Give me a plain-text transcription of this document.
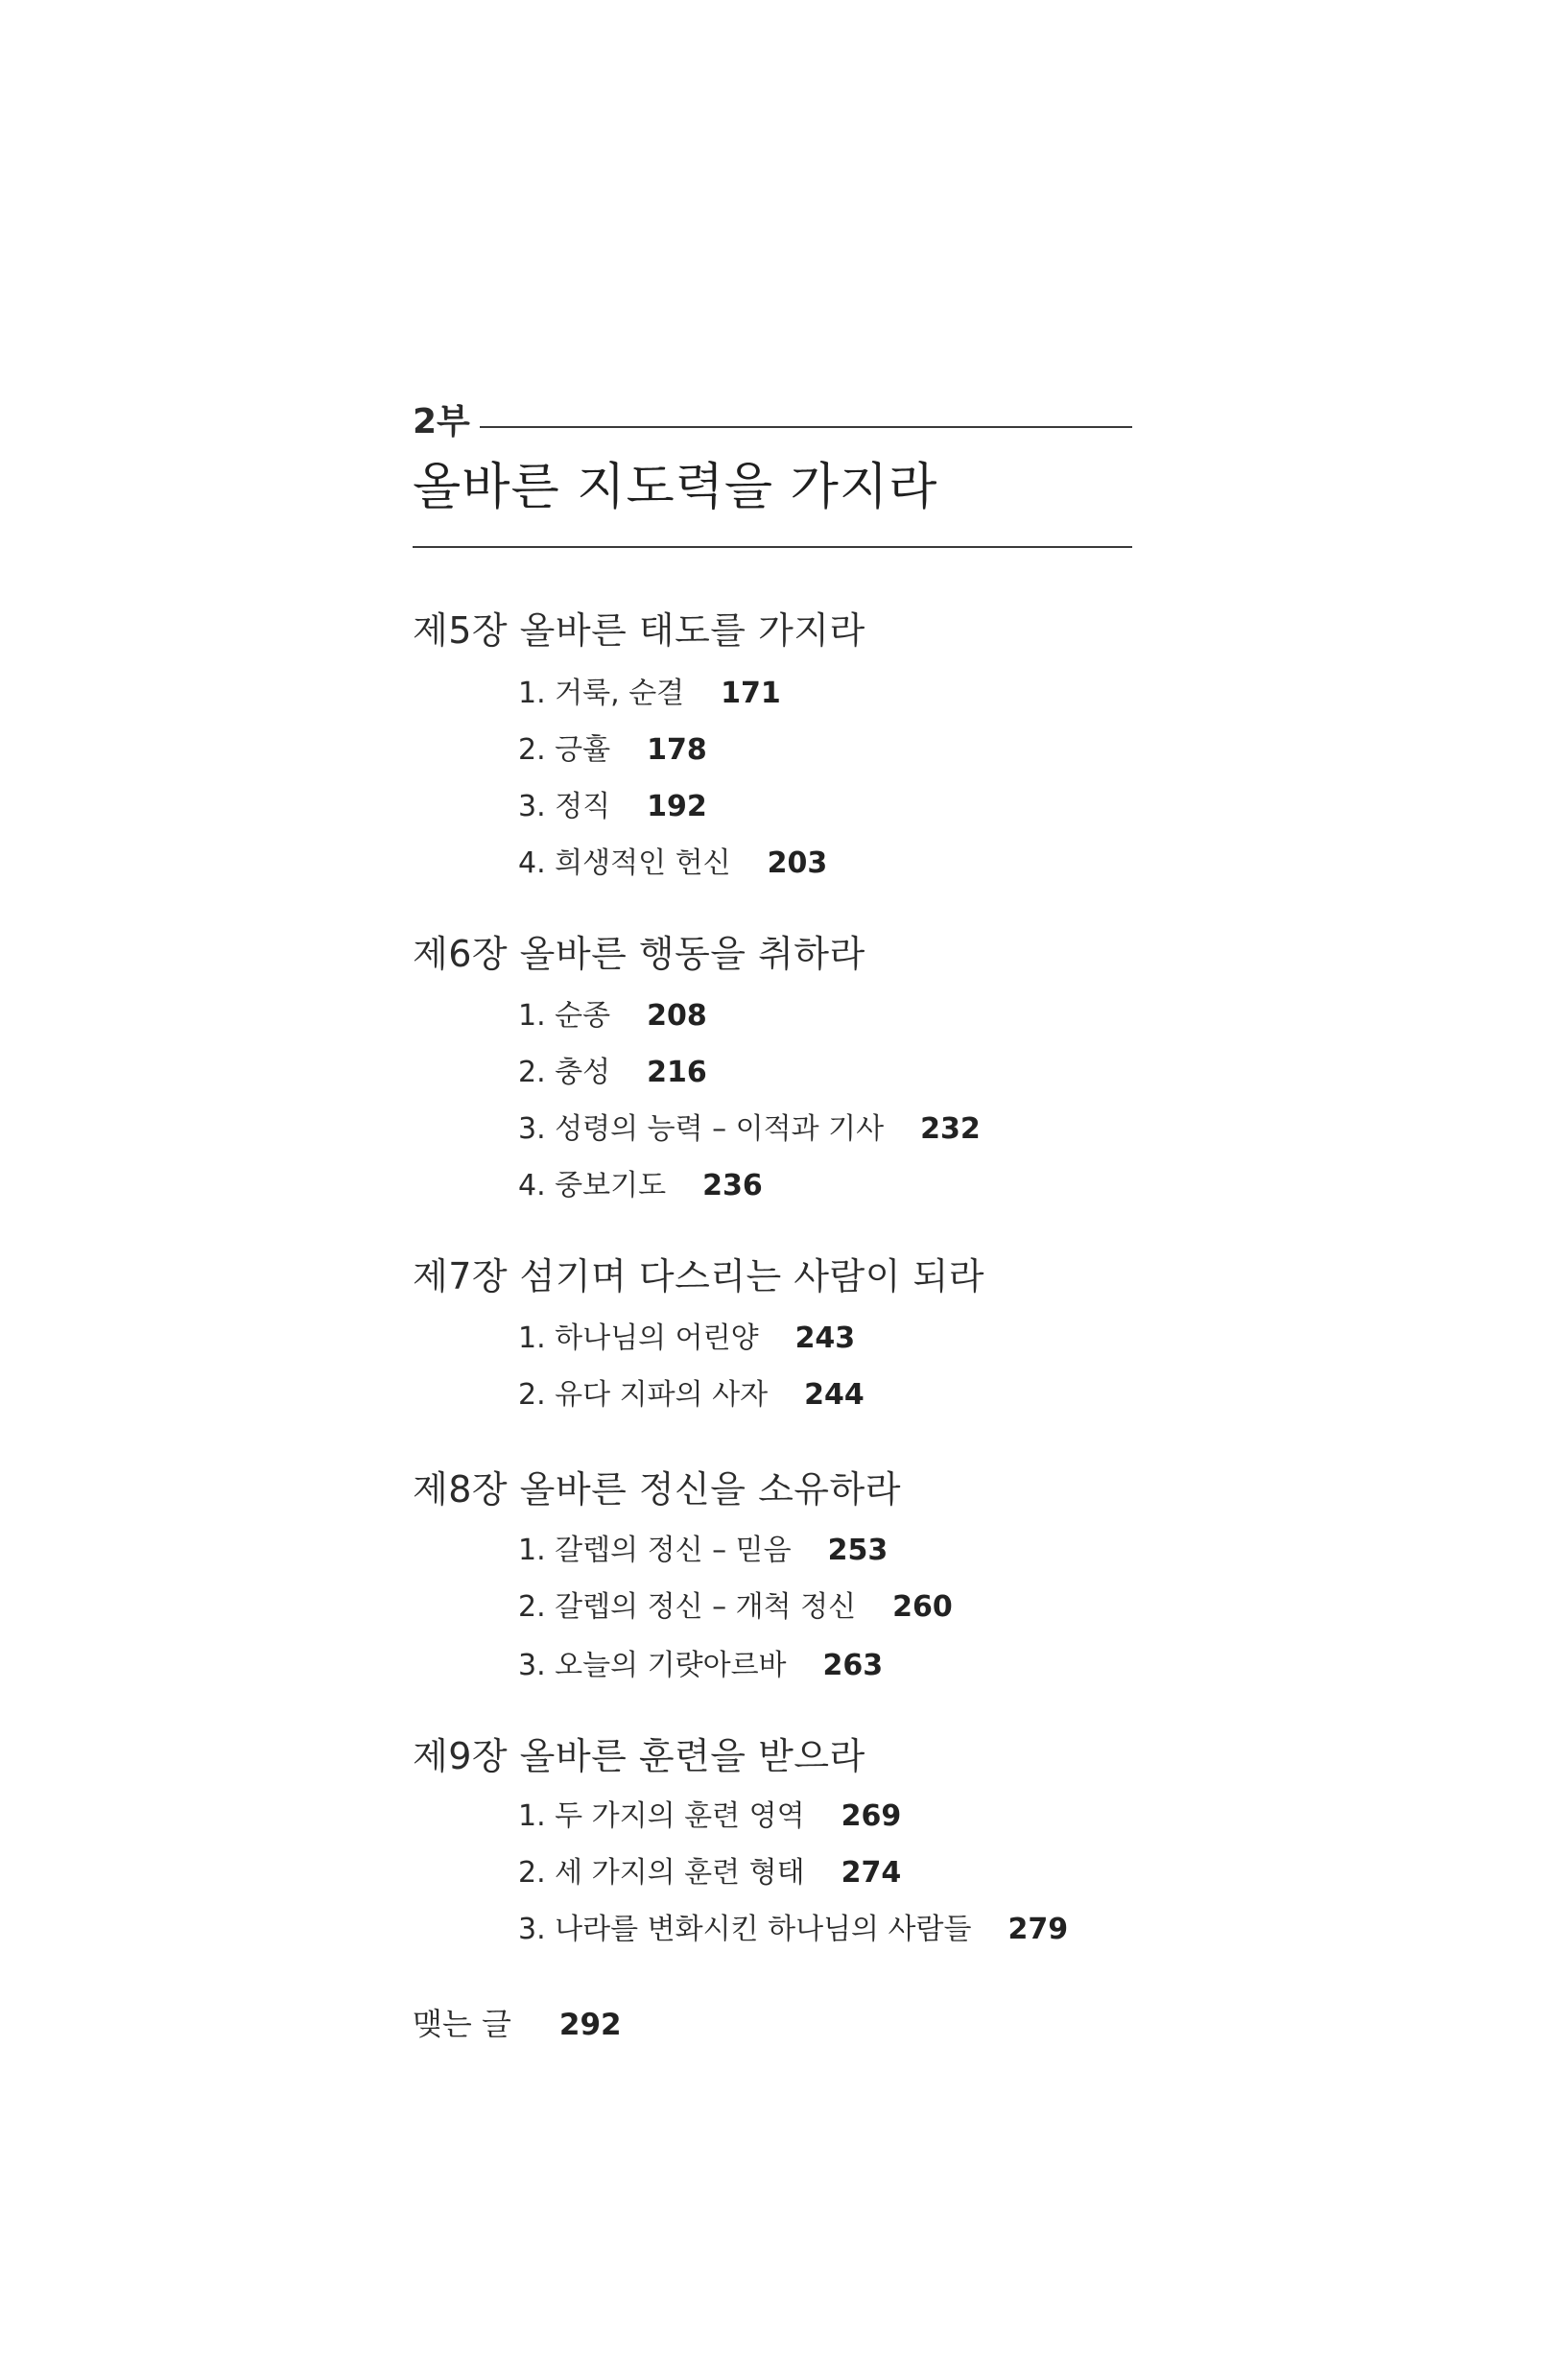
2부
올바른 지도력을 가지라
제5장 올바른 태도를 가지라
1. 거룩, 순결 171
2. 긍휼 178
3. 정직 192
4. 희생적인 헌신 203
제6장 올바른 행동을 취하라
1. 순종 208
2. 충성 216
3. 성령의 능력 – 이적과 기사 232
4. 중보기도 236
제7장 섬기며 다스리는 사람이 되라
1. 하나님의 어린양 243
2. 유다 지파의 사자 244
제8장 올바른 정신을 소유하라
1. 갈렙의 정신 – 믿음 253
2. 갈렙의 정신 – 개척 정신 260
3. 오늘의 기럇아르바 263
제9장 올바른 훈련을 받으라
1. 두 가지의 훈련 영역 269
2. 세 가지의 훈련 형태 274
3. 나라를 변화시킨 하나님의 사람들 279
맺는 글 292
